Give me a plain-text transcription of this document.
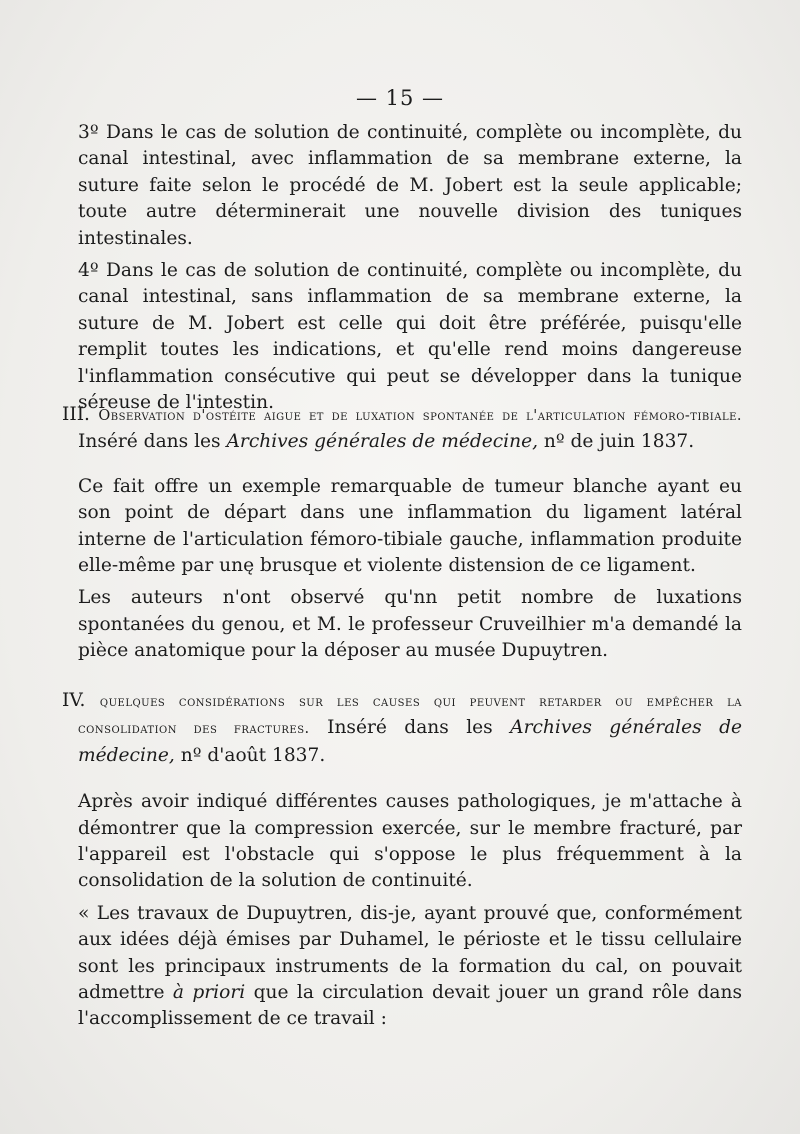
— 15 —

3º Dans le cas de solution de continuité, complète ou incomplète, du canal intestinal, avec inflammation de sa membrane externe, la suture faite selon le procédé de M. Jobert est la seule applicable; toute autre déterminerait une nouvelle division des tuniques intestinales.

4º Dans le cas de solution de continuité, complète ou incomplète, du canal intestinal, sans inflammation de sa membrane externe, la suture de M. Jobert est celle qui doit être préférée, puisqu'elle remplit toutes les indications, et qu'elle rend moins dangereuse l'inflammation consécutive qui peut se développer dans la tunique séreuse de l'intestin.

III. Observation d'ostéite aigue et de luxation spontanée de l'articulation fémoro-tibiale. Inséré dans les Archives générales de médecine, nº de juin 1837.

Ce fait offre un exemple remarquable de tumeur blanche ayant eu son point de départ dans une inflammation du ligament latéral interne de l'articulation fémoro-tibiale gauche, inflammation produite elle-même par unę brusque et violente distension de ce ligament.

Les auteurs n'ont observé qu'nn petit nombre de luxations spontanées du genou, et M. le professeur Cruveilhier m'a demandé la pièce anatomique pour la déposer au musée Dupuytren.

IV. quelques considérations sur les causes qui peuvent retarder ou empêcher la consolidation des fractures. Inséré dans les Archives générales de médecine, nº d'août 1837.

Après avoir indiqué différentes causes pathologiques, je m'attache à démontrer que la compression exercée, sur le membre fracturé, par l'appareil est l'obstacle qui s'oppose le plus fréquemment à la consolidation de la solution de continuité.

« Les travaux de Dupuytren, dis-je, ayant prouvé que, conformément aux idées déjà émises par Duhamel, le périoste et le tissu cellulaire sont les principaux instruments de la formation du cal, on pouvait admettre à priori que la circulation devait jouer un grand rôle dans l'accomplissement de ce travail :
